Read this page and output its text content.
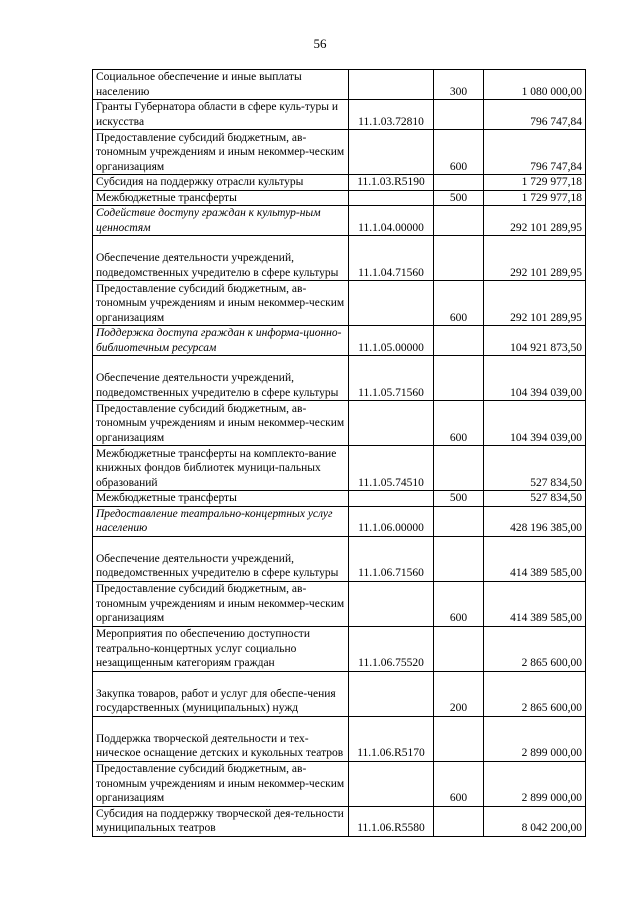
56
Социальное обеспечение и иные выплаты населению		300	1 080 000,00
Гранты Губернатора области в сфере куль-туры и искусства	11.1.03.72810		796 747,84
Предоставление субсидий бюджетным, ав-тономным учреждениям и иным некоммер-ческим организациям		600	796 747,84
Субсидия на поддержку отрасли культуры	11.1.03.R5190		1 729 977,18
Межбюджетные трансферты		500	1 729 977,18
Содействие доступу граждан к культур-ным ценностям	11.1.04.00000		292 101 289,95
Обеспечение деятельности учреждений, подведомственных учредителю в сфере культуры	11.1.04.71560		292 101 289,95
Предоставление субсидий бюджетным, ав-тономным учреждениям и иным некоммер-ческим организациям		600	292 101 289,95
Поддержка доступа граждан к информа-ционно-библиотечным ресурсам	11.1.05.00000		104 921 873,50
Обеспечение деятельности учреждений, подведомственных учредителю в сфере культуры	11.1.05.71560		104 394 039,00
Предоставление субсидий бюджетным, ав-тономным учреждениям и иным некоммер-ческим организациям		600	104 394 039,00
Межбюджетные трансферты на комплекто-вание книжных фондов библиотек муници-пальных образований	11.1.05.74510		527 834,50
Межбюджетные трансферты		500	527 834,50
Предоставление театрально-концертных услуг населению	11.1.06.00000		428 196 385,00
Обеспечение деятельности учреждений, подведомственных учредителю в сфере культуры	11.1.06.71560		414 389 585,00
Предоставление субсидий бюджетным, ав-тономным учреждениям и иным некоммер-ческим организациям		600	414 389 585,00
Мероприятия по обеспечению доступности театрально-концертных услуг социально незащищенным категориям граждан	11.1.06.75520		2 865 600,00
Закупка товаров, работ и услуг для обеспе-чения государственных (муниципальных) нужд		200	2 865 600,00
Поддержка творческой деятельности и тех-ническое оснащение детских и кукольных театров	11.1.06.R5170		2 899 000,00
Предоставление субсидий бюджетным, ав-тономным учреждениям и иным некоммер-ческим организациям		600	2 899 000,00
Субсидия на поддержку творческой дея-тельности муниципальных театров	11.1.06.R5580		8 042 200,00
